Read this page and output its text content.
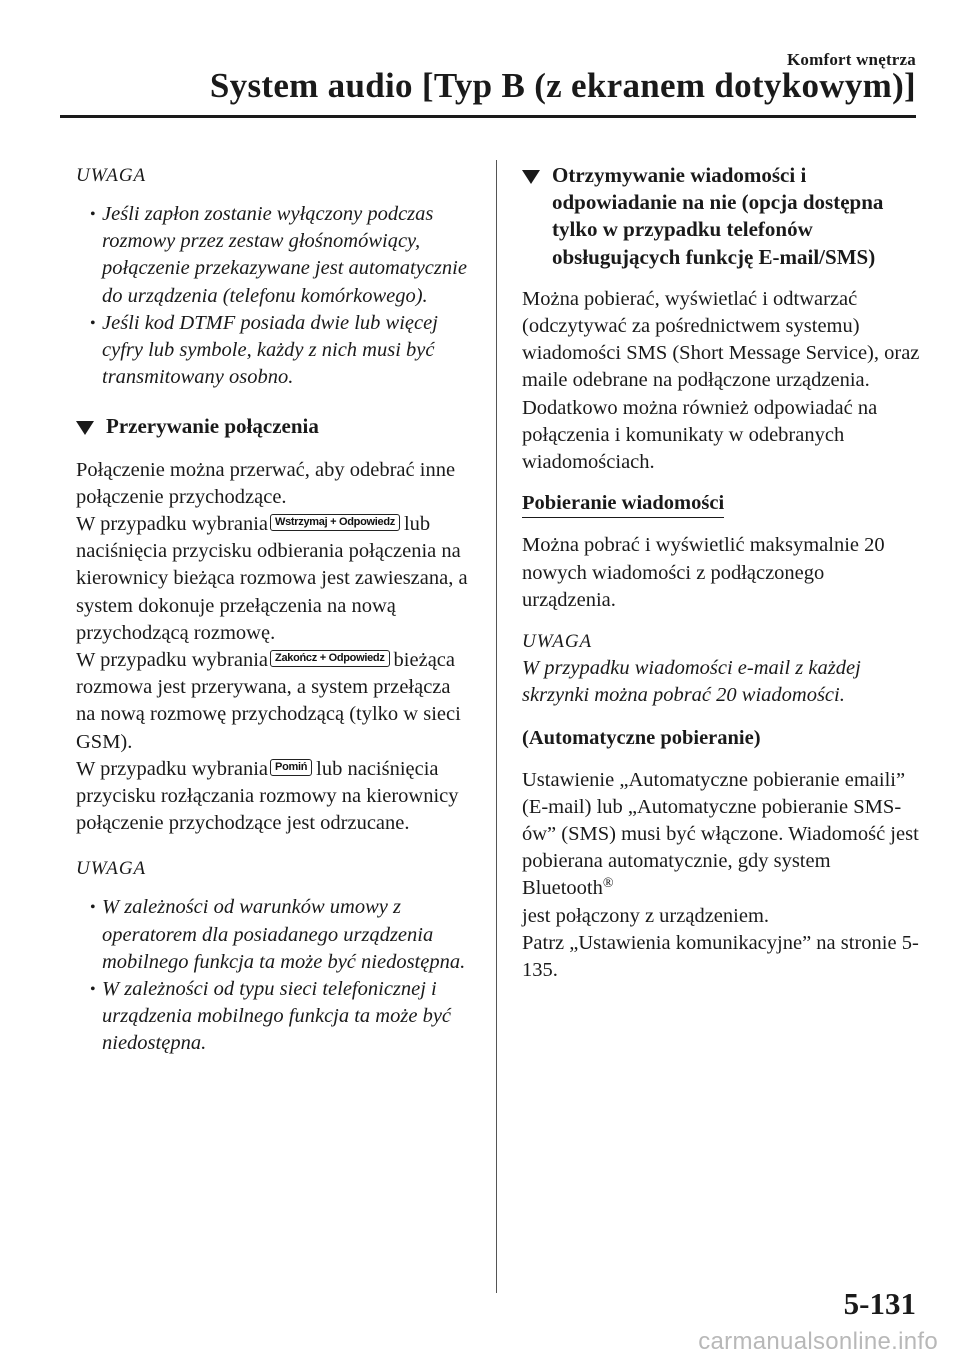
Komfort wnętrza
System audio [Typ B (z ekranem dotykowym)]

UWAGA

• Jeśli zapłon zostanie wyłączony podczas rozmowy przez zestaw głośnomówiący, połączenie przekazywane jest automatycznie do urządzenia (telefonu komórkowego).
• Jeśli kod DTMF posiada dwie lub więcej cyfry lub symbole, każdy z nich musi być transmitowany osobno.

Przerywanie połączenia

Połączenie można przerwać, aby odebrać inne połączenie przychodzące.

W przypadku wybrania Wstrzymaj + Odpowiedz lub naciśnięcia przycisku odbierania połączenia na kierownicy bieżąca rozmowa jest zawieszana, a system dokonuje przełączenia na nową przychodzącą rozmowę.

W przypadku wybrania Zakończ + Odpowiedz bieżąca rozmowa jest przerywana, a system przełącza na nową rozmowę przychodzącą (tylko w sieci GSM).

W przypadku wybrania Pomiń lub naciśnięcia przycisku rozłączania rozmowy na kierownicy połączenie przychodzące jest odrzucane.

UWAGA

• W zależności od warunków umowy z operatorem dla posiadanego urządzenia mobilnego funkcja ta może być niedostępna.
• W zależności od typu sieci telefonicznej i urządzenia mobilnego funkcja ta może być niedostępna.

Otrzymywanie wiadomości i odpowiadanie na nie (opcja dostępna tylko w przypadku telefonów obsługujących funkcję E-mail/SMS)

Można pobierać, wyświetlać i odtwarzać (odczytywać za pośrednictwem systemu) wiadomości SMS (Short Message Service), oraz maile odebrane na podłączone urządzenia.

Dodatkowo można również odpowiadać na połączenia i komunikaty w odebranych wiadomościach.

Pobieranie wiadomości

Można pobrać i wyświetlić maksymalnie 20 nowych wiadomości z podłączonego urządzenia.

UWAGA

W przypadku wiadomości e-mail z każdej skrzynki można pobrać 20 wiadomości.

(Automatyczne pobieranie)

Ustawienie „Automatyczne pobieranie emaili” (E-mail) lub „Automatyczne pobieranie SMS-ów” (SMS) musi być włączone. Wiadomość jest pobierana automatycznie, gdy system Bluetooth®
jest połączony z urządzeniem.

Patrz „Ustawienia komunikacyjne” na stronie 5-135.

5-131
carmanualsonline.info
